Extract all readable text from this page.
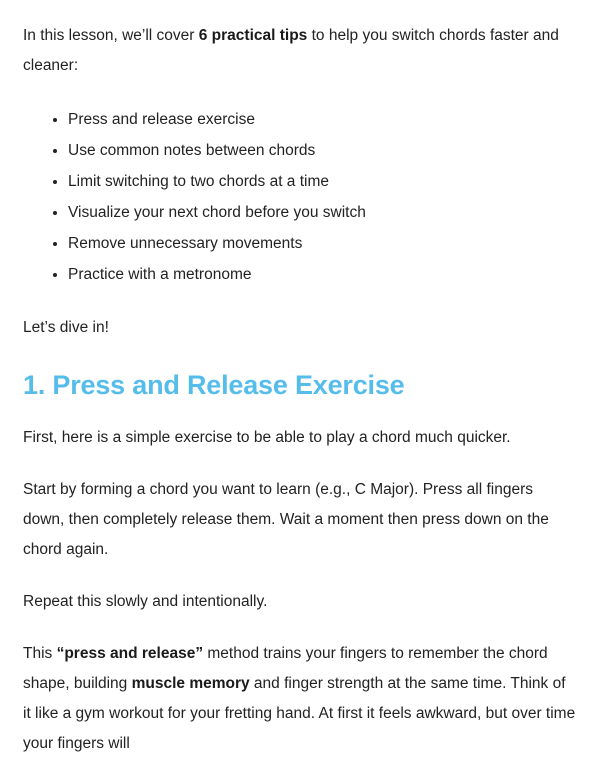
In this lesson, we’ll cover 6 practical tips to help you switch chords faster and cleaner:

• Press and release exercise
• Use common notes between chords
• Limit switching to two chords at a time
• Visualize your next chord before you switch
• Remove unnecessary movements
• Practice with a metronome

Let’s dive in!

1. Press and Release Exercise

First, here is a simple exercise to be able to play a chord much quicker.

Start by forming a chord you want to learn (e.g., C Major). Press all fingers down, then completely release them. Wait a moment then press down on the chord again.

Repeat this slowly and intentionally.

This “press and release” method trains your fingers to remember the chord shape, building muscle memory and finger strength at the same time. Think of it like a gym workout for your fretting hand. At first it feels awkward, but over time your fingers will
